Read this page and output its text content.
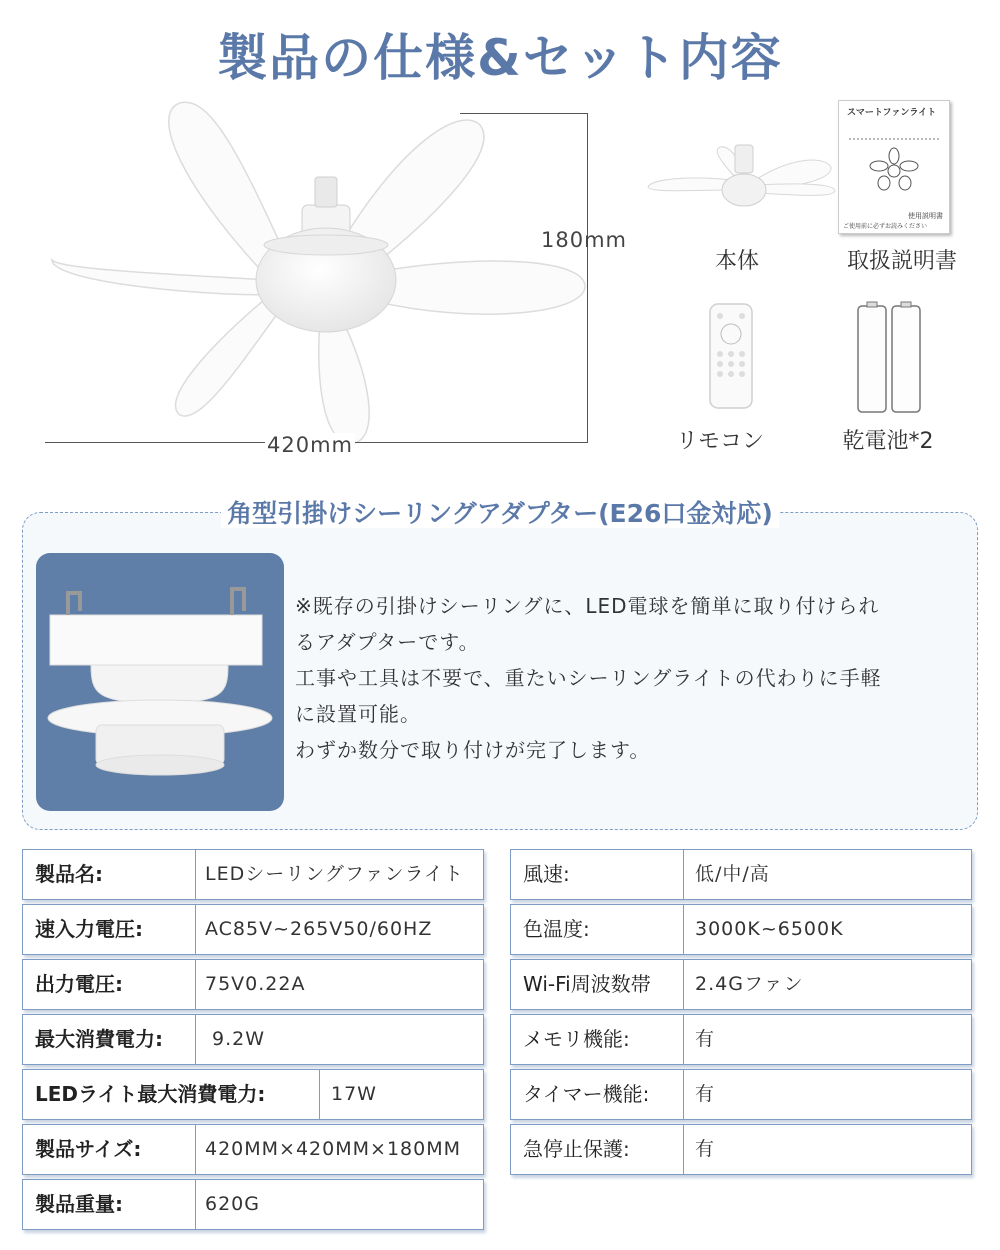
製品の仕様&セット内容
180mm
420mm
本体
スマートファンライト
使用説明書
ご使用前に必ずお読みください
取扱説明書
リモコン	乾電池*2
角型引掛けシーリングアダプター(E26口金対応)
※既存の引掛けシーリングに、LED電球を簡単に取り付けられ
るアダプターです。
工事や工具は不要で、重たいシーリングライトの代わりに手軽
に設置可能。
わずか数分で取り付けが完了します。
製品名:	LEDシーリングファンライト
速入力電圧:	AC85V~265V50/60HZ
出力電圧:	75V0.22A
最大消費電力: 9.2W
LEDライト最大消費電力:	17W
製品サイズ:	420MM×420MM×180MM
製品重量:	620G
風速:	低/中/高
色温度:	3000K~6500K
Wi-Fi周波数帯 2.4Gファン
メモリ機能:	有
タイマー機能: 有
急停止保護:	有
